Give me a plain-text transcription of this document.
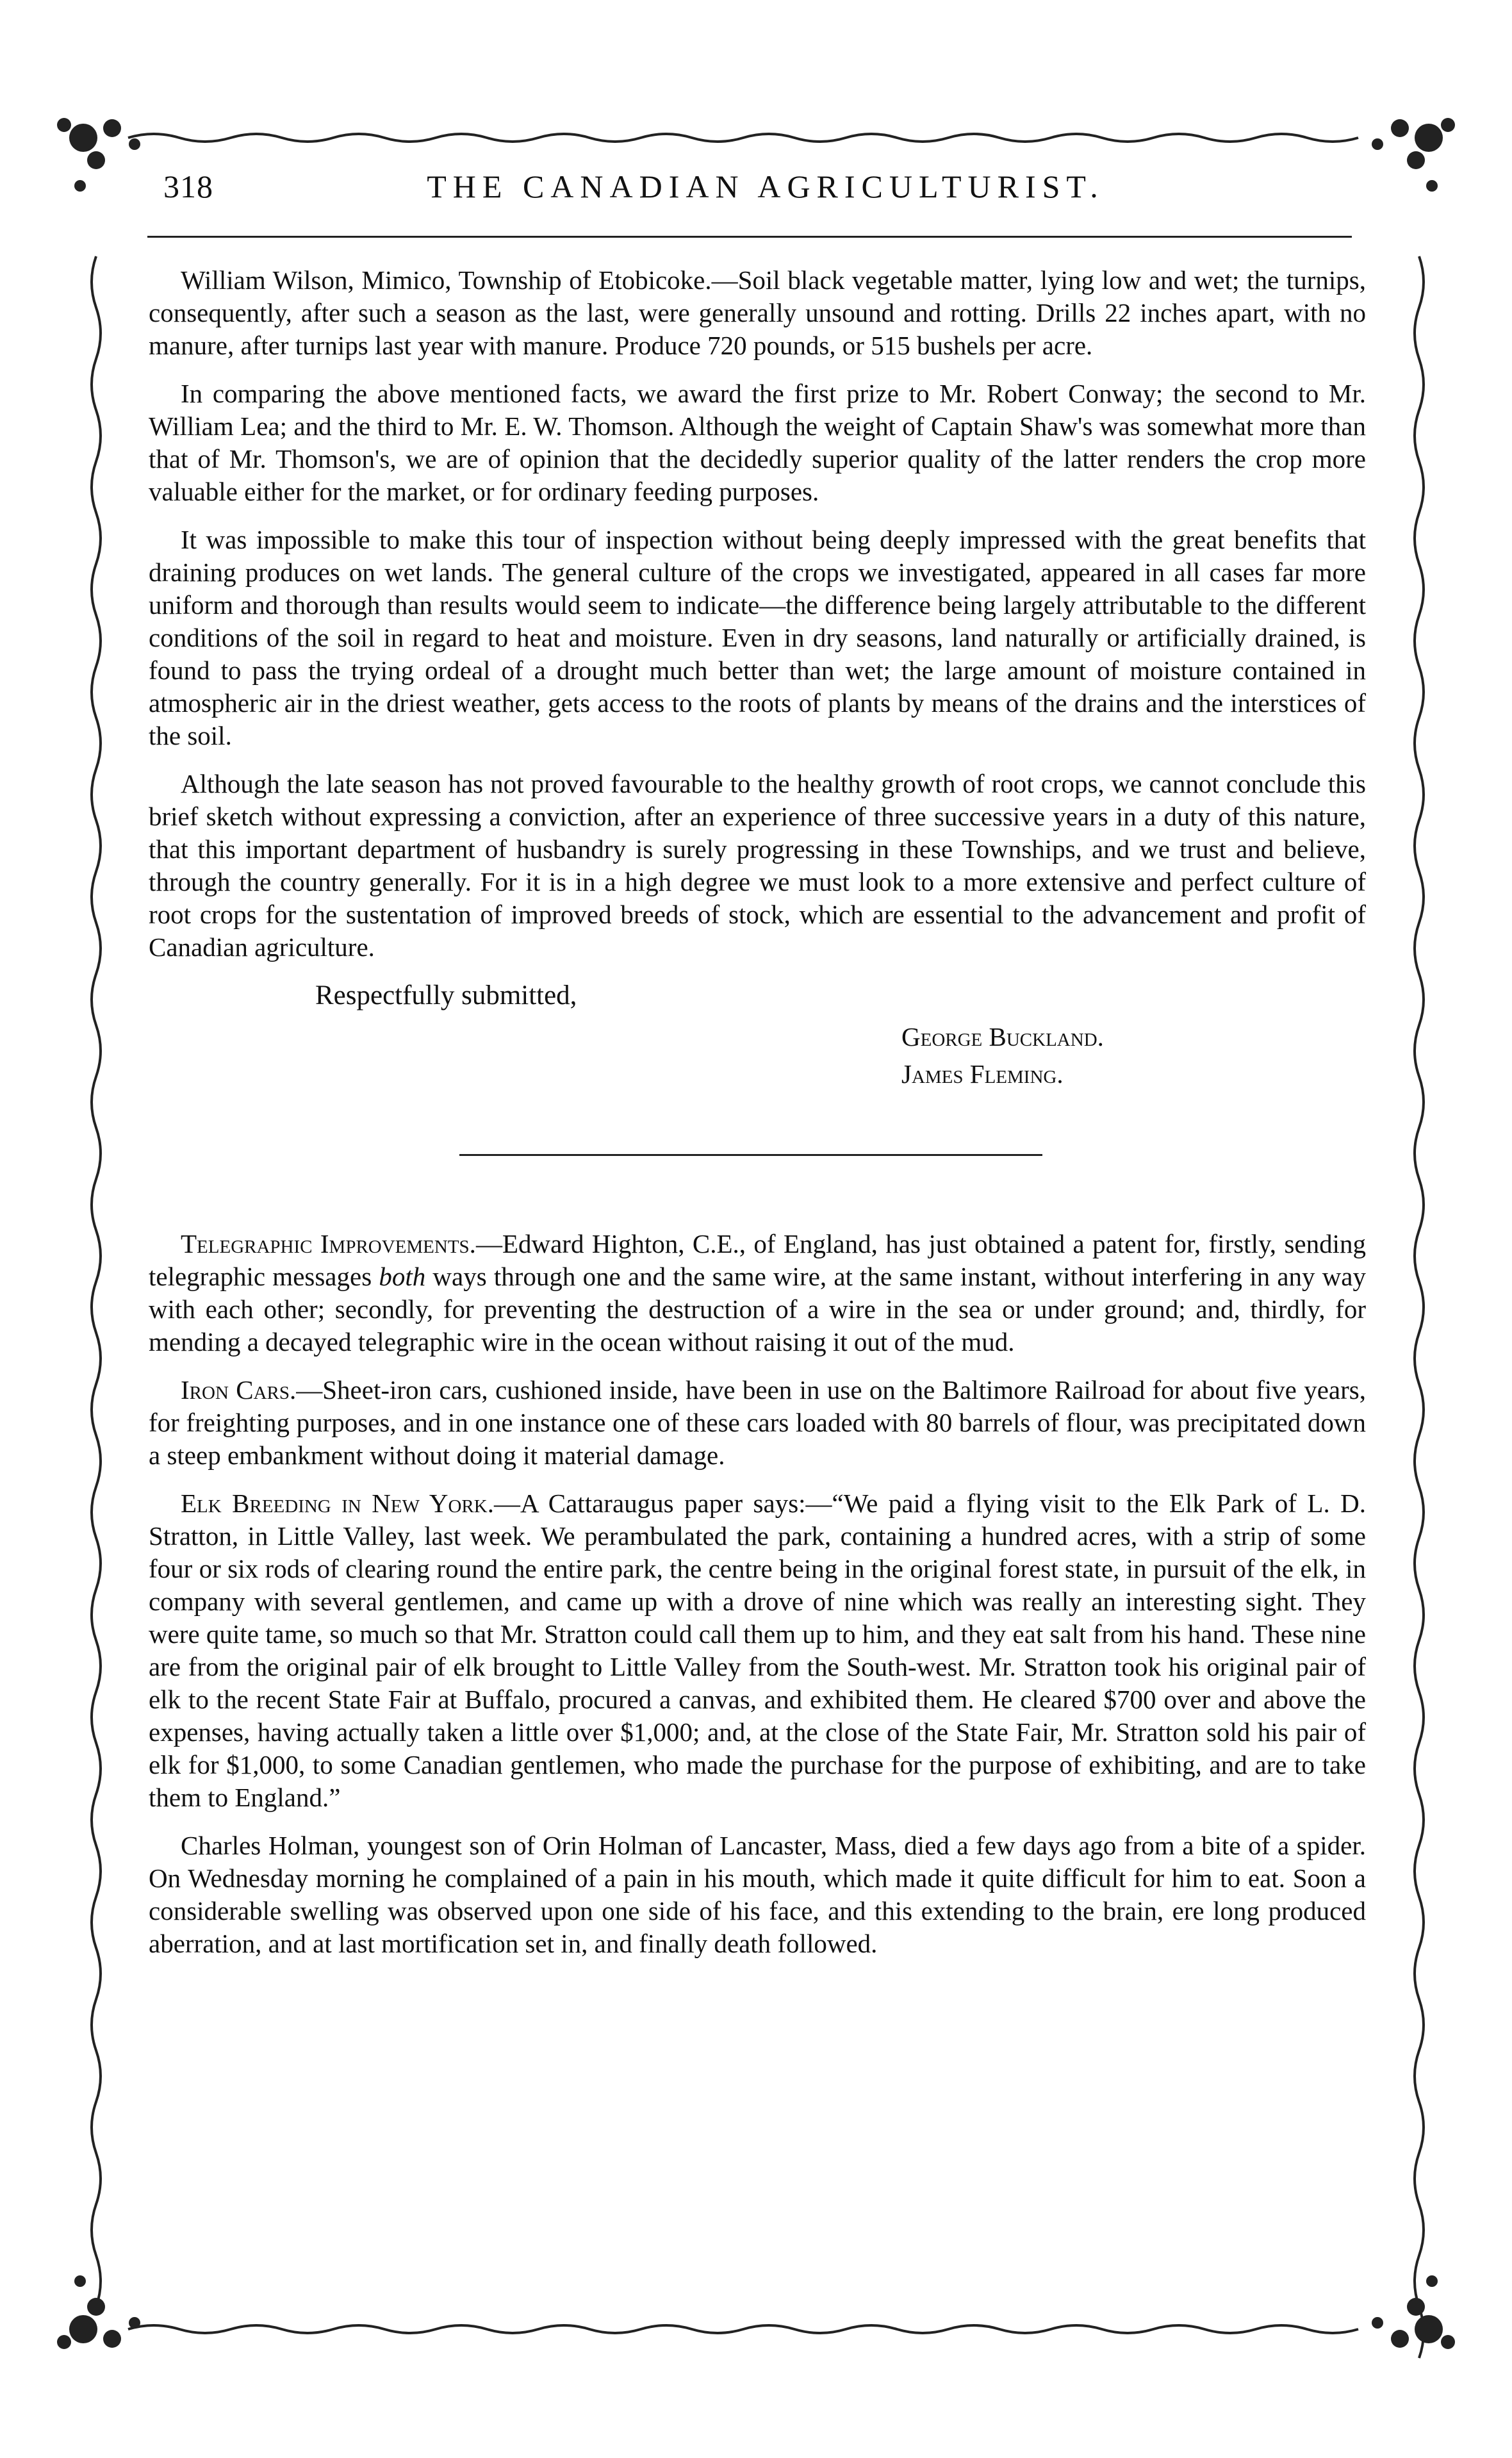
318	THE CANADIAN AGRICULTURIST.

William Wilson, Mimico, Township of Etobicoke.—Soil black vegetable matter, lying low and wet; the turnips, consequently, after such a season as the last, were generally unsound and rotting. Drills 22 inches apart, with no manure, after turnips last year with manure. Produce 720 pounds, or 515 bushels per acre.

In comparing the above mentioned facts, we award the first prize to Mr. Robert Conway; the second to Mr. William Lea; and the third to Mr. E. W. Thomson. Although the weight of Captain Shaw's was somewhat more than that of Mr. Thomson's, we are of opinion that the decidedly superior quality of the latter renders the crop more valuable either for the market, or for ordinary feeding purposes.

It was impossible to make this tour of inspection without being deeply impressed with the great benefits that draining produces on wet lands. The general culture of the crops we investigated, appeared in all cases far more uniform and thorough than results would seem to indicate—the difference being largely attributable to the different conditions of the soil in regard to heat and moisture. Even in dry seasons, land naturally or artificially drained, is found to pass the trying ordeal of a drought much better than wet; the large amount of moisture contained in atmospheric air in the driest weather, gets access to the roots of plants by means of the drains and the interstices of the soil.

Although the late season has not proved favourable to the healthy growth of root crops, we cannot conclude this brief sketch without expressing a conviction, after an experience of three successive years in a duty of this nature, that this important department of husbandry is surely progressing in these Townships, and we trust and believe, through the country generally. For it is in a high degree we must look to a more extensive and perfect culture of root crops for the sustentation of improved breeds of stock, which are essential to the advancement and profit of Canadian agriculture.

Respectfully submitted,
George Buckland.
James Fleming.

Telegraphic Improvements.—Edward Highton, C.E., of England, has just obtained a patent for, firstly, sending telegraphic messages both ways through one and the same wire, at the same instant, without interfering in any way with each other; secondly, for preventing the destruction of a wire in the sea or under ground; and, thirdly, for mending a decayed telegraphic wire in the ocean without raising it out of the mud.

Iron Cars.—Sheet-iron cars, cushioned inside, have been in use on the Baltimore Railroad for about five years, for freighting purposes, and in one instance one of these cars loaded with 80 barrels of flour, was precipitated down a steep embankment without doing it material damage.

Elk Breeding in New York.—A Cattaraugus paper says:—“We paid a flying visit to the Elk Park of L. D. Stratton, in Little Valley, last week. We perambulated the park, containing a hundred acres, with a strip of some four or six rods of clearing round the entire park, the centre being in the original forest state, in pursuit of the elk, in company with several gentlemen, and came up with a drove of nine which was really an interesting sight. They were quite tame, so much so that Mr. Stratton could call them up to him, and they eat salt from his hand. These nine are from the original pair of elk brought to Little Valley from the South-west. Mr. Stratton took his original pair of elk to the recent State Fair at Buffalo, procured a canvas, and exhibited them. He cleared $700 over and above the expenses, having actually taken a little over $1,000; and, at the close of the State Fair, Mr. Stratton sold his pair of elk for $1,000, to some Canadian gentlemen, who made the purchase for the purpose of exhibiting, and are to take them to England.”

Charles Holman, youngest son of Orin Holman of Lancaster, Mass, died a few days ago from a bite of a spider. On Wednesday morning he complained of a pain in his mouth, which made it quite difficult for him to eat. Soon a considerable swelling was observed upon one side of his face, and this extending to the brain, ere long produced aberration, and at last mortification set in, and finally death followed.
